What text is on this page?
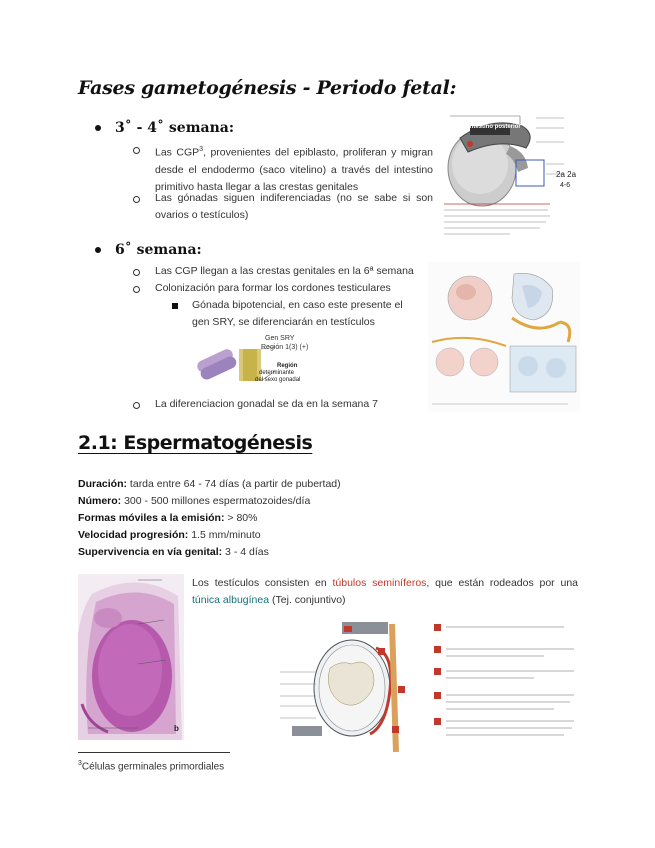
Fases gametogénesis - Periodo fetal:
3˚ - 4˚ semana:
Las CGP$^3$, provenientes del epiblasto, proliferan y migran desde el endodermo (saco vitelino) a través del intestino primitivo hasta llegar a las crestas genitales
Las gónadas siguen indiferenciadas (no se sabe si son ovarios o testículos)
Intestino posterior
2a 2a
4-6
6˚ semana:
Las CGP llegan a las crestas genitales en la 6ª semana
Colonización para formar los cordones testiculares
Gónada bipotencial, en caso este presente el gen SRY, se diferenciarán en testículos
Gen SRY
Región 1(3) (+)
Región
determinante
del sexo gonadal
La diferenciacion gonadal se da en la semana 7
2.1: Espermatogénesis
Duración: tarda entre 64 - 74 días (a partir de pubertad)
Número: 300 - 500 millones espermatozoides/día
Formas móviles a la emisión: > 80%
Velocidad progresión: 1.5 mm/minuto
Supervivencia en vía genital: 3 - 4 días
b
Los testículos consisten en túbulos seminíferos, que están rodeados por una túnica albugínea (Tej. conjuntivo)
$^3$Células germinales primordiales
